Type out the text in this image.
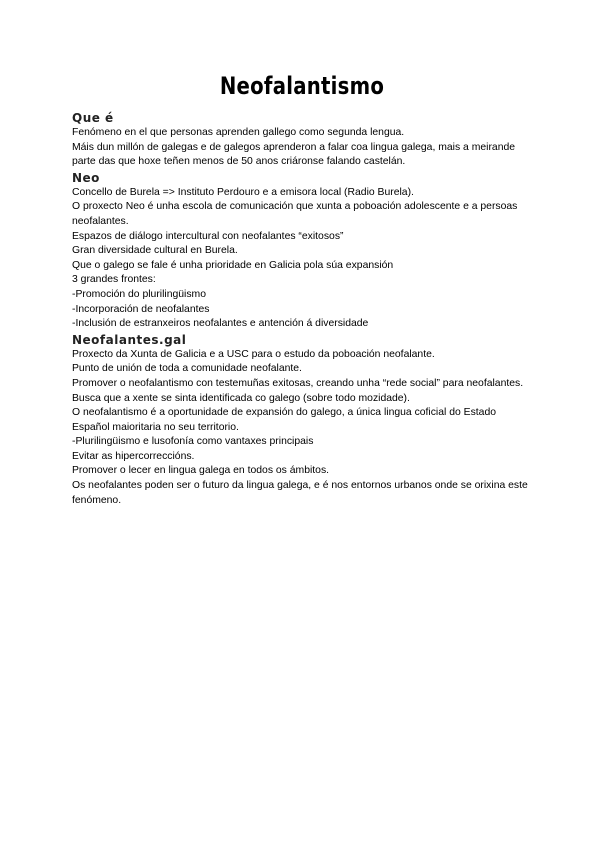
Neofalantismo
Que é

Fenómeno en el que personas aprenden gallego como segunda lengua.

Máis dun millón de galegas e de galegos aprenderon a falar coa lingua galega, mais a meirande parte das que hoxe teñen menos de 50 anos criáronse falando castelán.

Neo

Concello de Burela => Instituto Perdouro e a emisora local (Radio Burela).

O proxecto Neo é unha escola de comunicación que xunta a poboación adolescente e a persoas neofalantes.

Espazos de diálogo intercultural con neofalantes “exitosos”

Gran diversidade cultural en Burela.

Que o galego se fale é unha prioridade en Galicia pola súa expansión

3 grandes frontes:

-Promoción do plurilingüismo

-Incorporación de neofalantes

-Inclusión de estranxeiros neofalantes e antención á diversidade

Neofalantes.gal

Proxecto da Xunta de Galicia e a USC para o estudo da poboación neofalante.

Punto de unión de toda a comunidade neofalante.

Promover o neofalantismo con testemuñas exitosas, creando unha “rede social” para neofalantes.

Busca que a xente se sinta identificada co galego (sobre todo mozidade).

O neofalantismo é a oportunidade de expansión do galego, a única lingua coficial do Estado Español maioritaria no seu territorio.

-Plurilingüismo e lusofonía como vantaxes principais

Evitar as hipercorreccións.

Promover o lecer en lingua galega en todos os ámbitos.

Os neofalantes poden ser o futuro da lingua galega, e é nos entornos urbanos onde se orixina este fenómeno.
